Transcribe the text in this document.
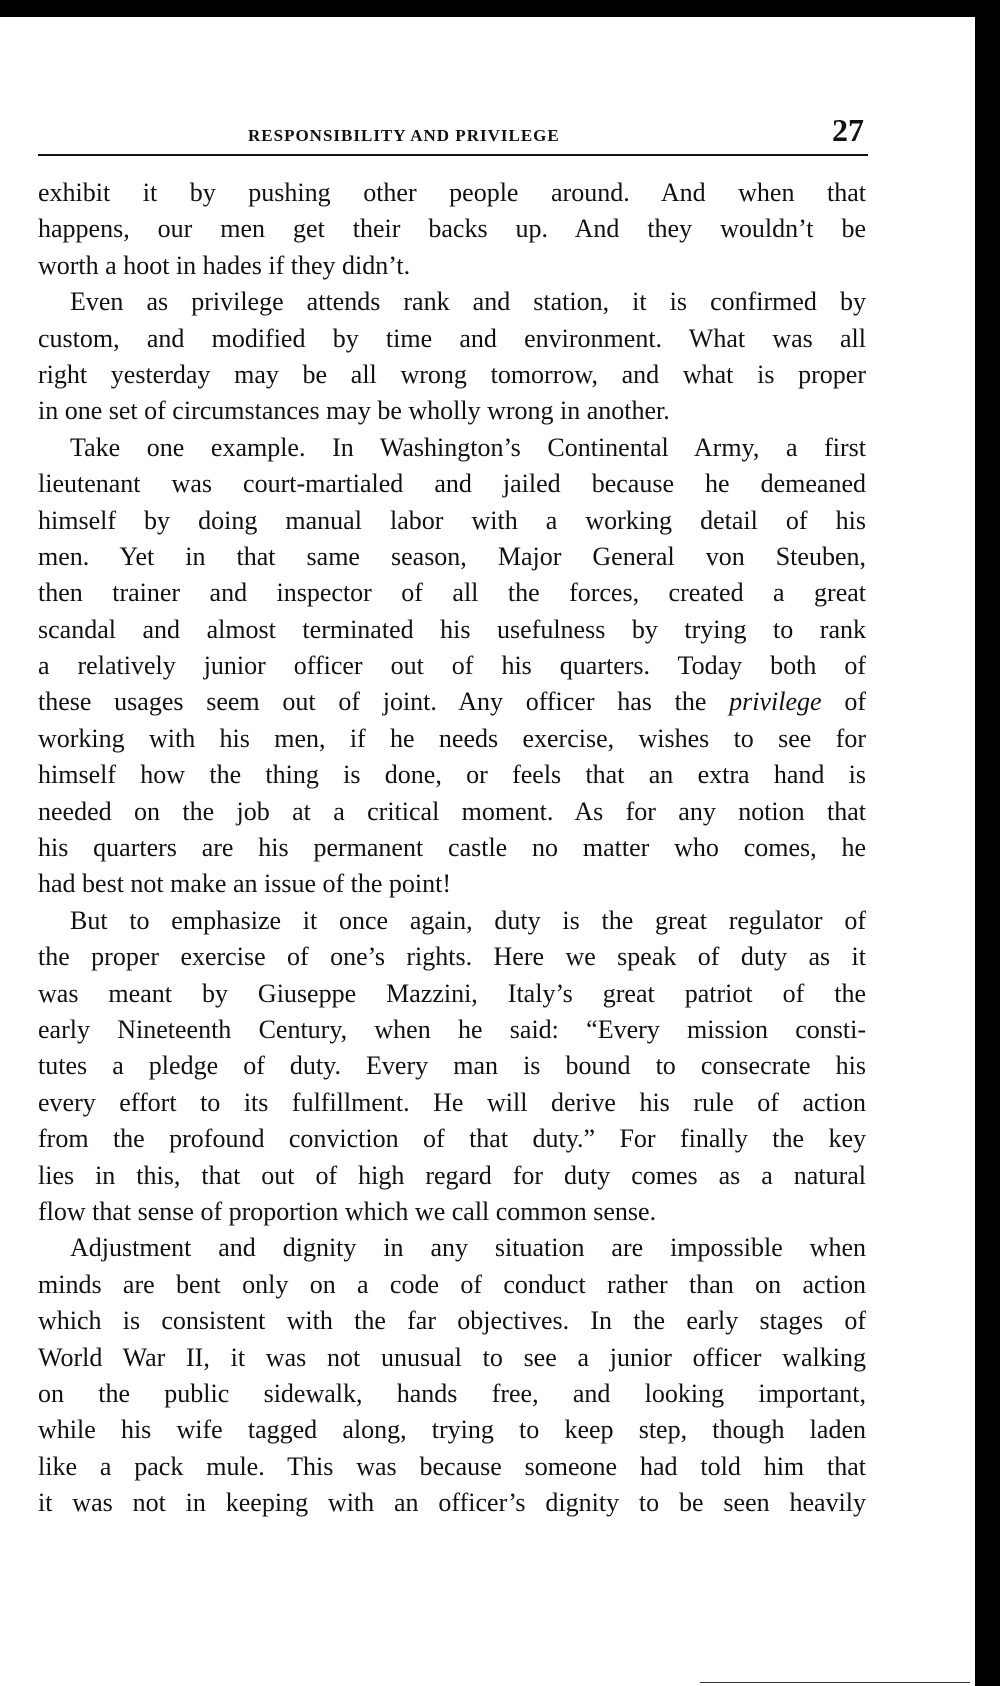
RESPONSIBILITY AND PRIVILEGE	27
exhibit it by pushing other people around. And when that
happens, our men get their backs up. And they wouldn’t be
worth a hoot in hades if they didn’t.
Even as privilege attends rank and station, it is confirmed by
custom, and modified by time and environment. What was all
right yesterday may be all wrong tomorrow, and what is proper
in one set of circumstances may be wholly wrong in another.
Take one example. In Washington’s Continental Army, a first
lieutenant was court-martialed and jailed because he demeaned
himself by doing manual labor with a working detail of his
men. Yet in that same season, Major General von Steuben,
then trainer and inspector of all the forces, created a great
scandal and almost terminated his usefulness by trying to rank
a relatively junior officer out of his quarters. Today both of
these usages seem out of joint. Any officer has the privilege of
working with his men, if he needs exercise, wishes to see for
himself how the thing is done, or feels that an extra hand is
needed on the job at a critical moment. As for any notion that
his quarters are his permanent castle no matter who comes, he
had best not make an issue of the point!
But to emphasize it once again, duty is the great regulator of
the proper exercise of one’s rights. Here we speak of duty as it
was meant by Giuseppe Mazzini, Italy’s great patriot of the
early Nineteenth Century, when he said: “Every mission consti-
tutes a pledge of duty. Every man is bound to consecrate his
every effort to its fulfillment. He will derive his rule of action
from the profound conviction of that duty.” For finally the key
lies in this, that out of high regard for duty comes as a natural
flow that sense of proportion which we call common sense.
Adjustment and dignity in any situation are impossible when
minds are bent only on a code of conduct rather than on action
which is consistent with the far objectives. In the early stages of
World War II, it was not unusual to see a junior officer walking
on the public sidewalk, hands free, and looking important,
while his wife tagged along, trying to keep step, though laden
like a pack mule. This was because someone had told him that
it was not in keeping with an officer’s dignity to be seen heavily
